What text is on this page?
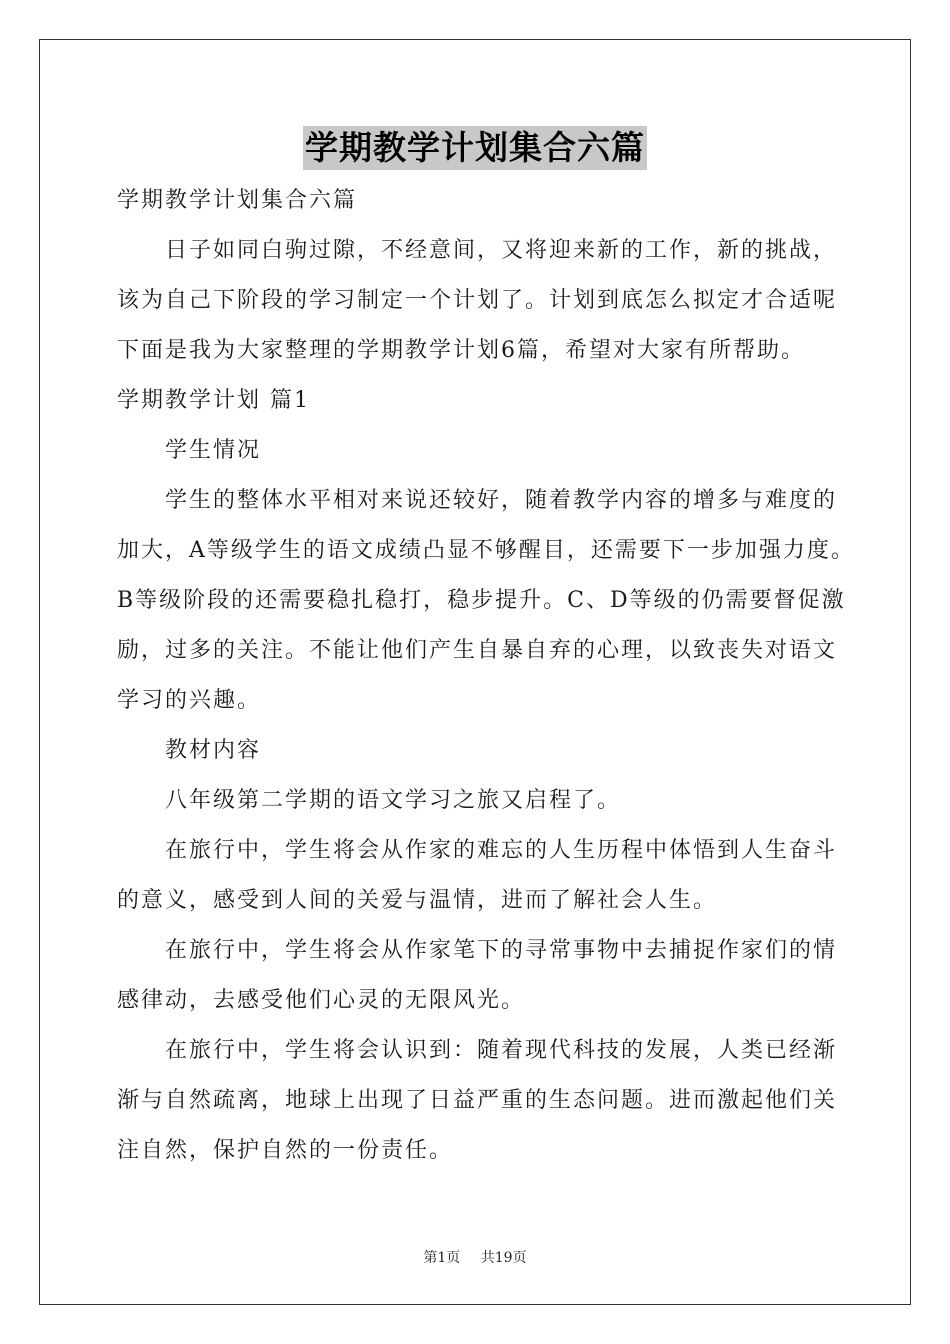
学期教学计划集合六篇
学期教学计划集合六篇
日子如同白驹过隙，不经意间，又将迎来新的工作，新的挑战，
该为自己下阶段的学习制定一个计划了。计划到底怎么拟定才合适呢
下面是我为大家整理的学期教学计划6篇，希望对大家有所帮助。
学期教学计划 篇1
学生情况
学生的整体水平相对来说还较好，随着教学内容的增多与难度的
加大，A等级学生的语文成绩凸显不够醒目，还需要下一步加强力度。
B等级阶段的还需要稳扎稳打，稳步提升。C、D等级的仍需要督促激
励，过多的关注。不能让他们产生自暴自弃的心理，以致丧失对语文
学习的兴趣。
教材内容
八年级第二学期的语文学习之旅又启程了。
在旅行中，学生将会从作家的难忘的人生历程中体悟到人生奋斗
的意义，感受到人间的关爱与温情，进而了解社会人生。
在旅行中，学生将会从作家笔下的寻常事物中去捕捉作家们的情
感律动，去感受他们心灵的无限风光。
在旅行中，学生将会认识到：随着现代科技的发展，人类已经渐
渐与自然疏离，地球上出现了日益严重的生态问题。进而激起他们关
注自然，保护自然的一份责任。
第1页 共19页
